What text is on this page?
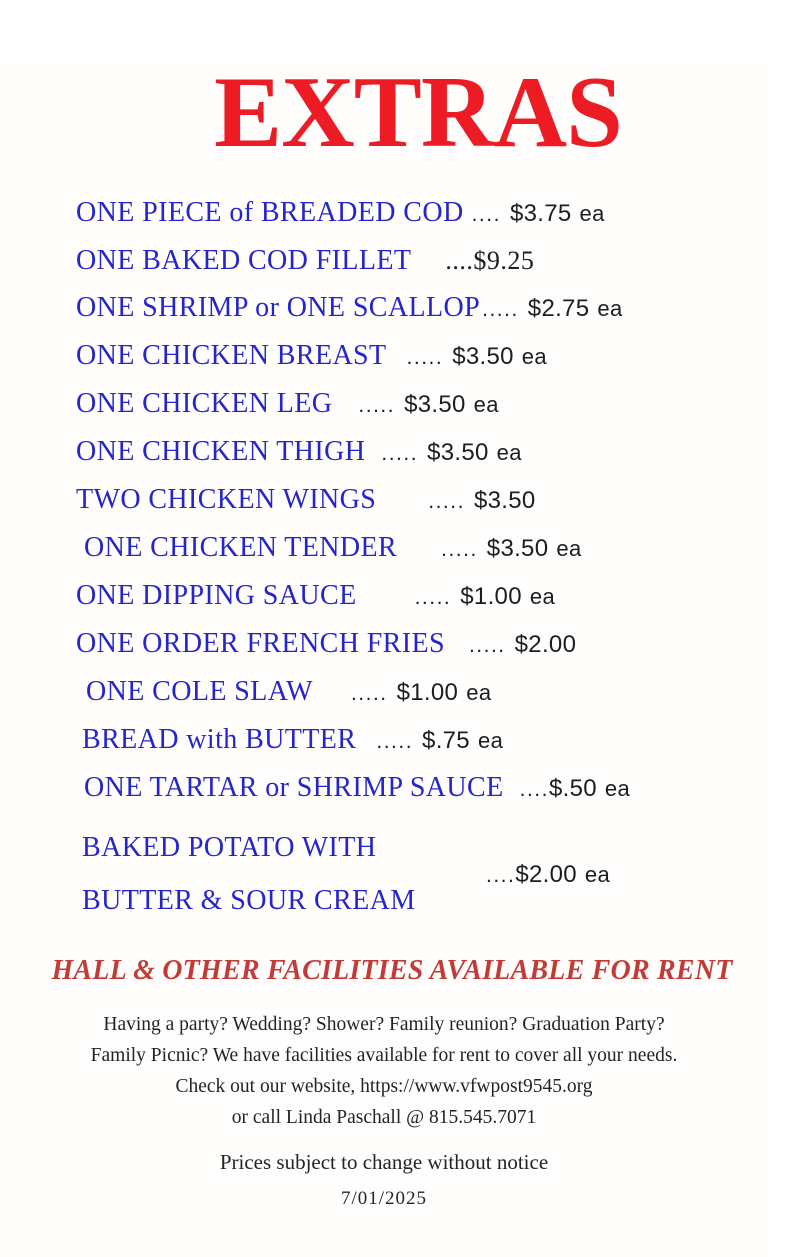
EXTRAS
ONE PIECE of BREADED COD .... $3.75 ea
ONE BAKED COD FILLET ....$9.25
ONE SHRIMP or ONE SCALLOP..... $2.75 ea
ONE CHICKEN BREAST ..... $3.50 ea
ONE CHICKEN LEG ..... $3.50 ea
ONE CHICKEN THIGH ..... $3.50 ea
TWO CHICKEN WINGS ..... $3.50
ONE CHICKEN TENDER ..... $3.50 ea
ONE DIPPING SAUCE	..... $1.00 ea
ONE ORDER FRENCH FRIES ..... $2.00
ONE COLE SLAW ..... $1.00 ea
BREAD with BUTTER ..... $.75 ea
ONE TARTAR or SHRIMP SAUCE ....$.50 ea
BAKED POTATO WITH
BUTTER & SOUR CREAM
....$2.00 ea
HALL & OTHER FACILITIES AVAILABLE FOR RENT

Having a party? Wedding? Shower? Family reunion? Graduation Party?

Family Picnic? We have facilities available for rent to cover all your needs.

Check out our website, https://www.vfwpost9545.org

or call Linda Paschall @ 815.545.7071

Prices subject to change without notice
7/01/2025
